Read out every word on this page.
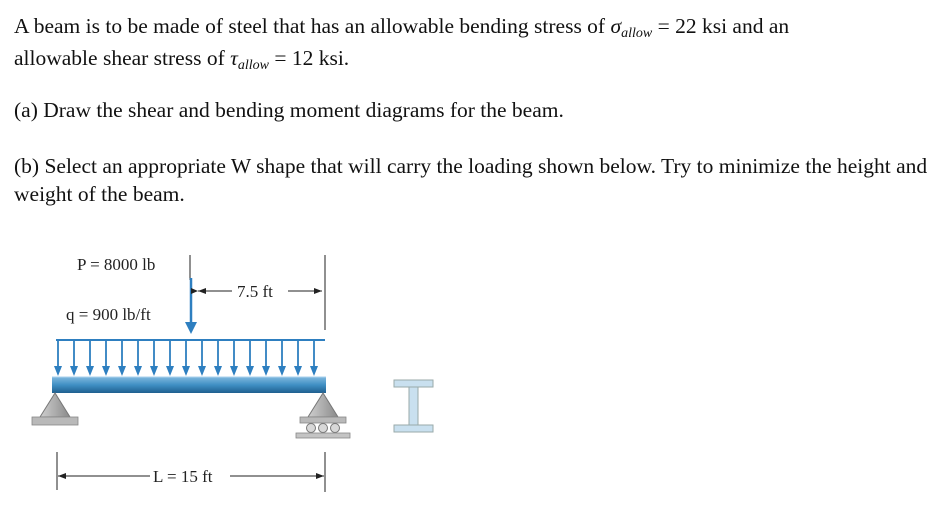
A beam is to be made of steel that has an allowable bending stress of σallow = 22 ksi and an
allowable shear stress of τallow = 12 ksi.
(a) Draw the shear and bending moment diagrams for the beam.
(b) Select an appropriate W shape that will carry the loading shown below. Try to minimize the height and weight of the beam.
P = 8000 lb
7.5 ft
q = 900 lb/ft
L = 15 ft
